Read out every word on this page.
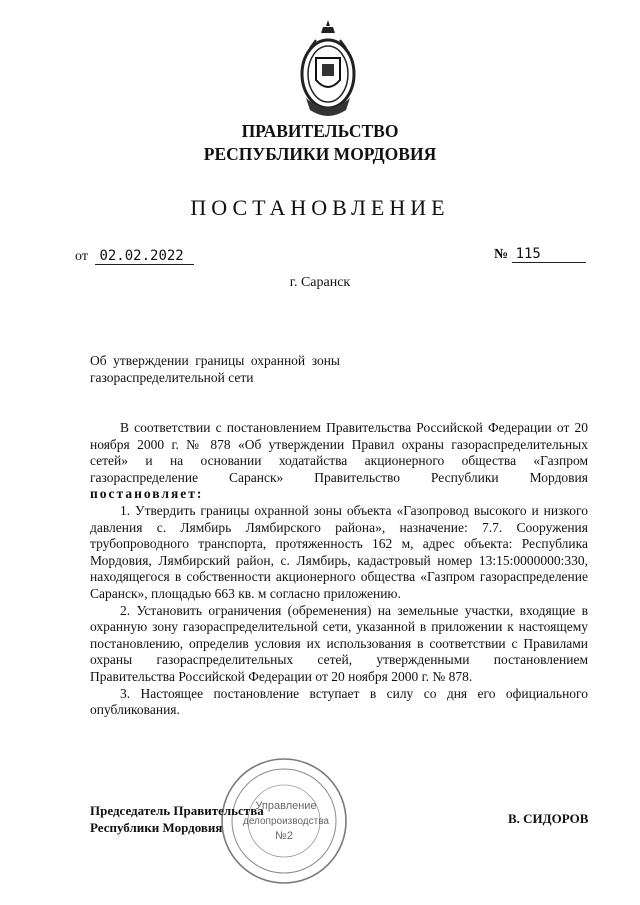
ПРАВИТЕЛЬСТВО
РЕСПУБЛИКИ МОРДОВИЯ
ПОСТАНОВЛЕНИЕ
от 02.02.2022	№ 115
г. Саранск
Об утверждении границы охранной зоны газораспределительной сети

В соответствии с постановлением Правительства Российской Федерации от 20 ноября 2000 г. № 878 «Об утверждении Правил охраны газораспределительных сетей» и на основании ходатайства акционерного общества «Газпром газораспределение Саранск» Правительство Республики Мордовия постановляет:

1. Утвердить границы охранной зоны объекта «Газопровод высокого и низкого давления с. Лямбирь Лямбирского района», назначение: 7.7. Сооружения трубопроводного транспорта, протяженность 162 м, адрес объекта: Республика Мордовия, Лямбирский район, с. Лямбирь, кадастровый номер 13:15:0000000:330, находящегося в собственности акционерного общества «Газпром газораспределение Саранск», площадью 663 кв. м согласно приложению.

2. Установить ограничения (обременения) на земельные участки, входящие в охранную зону газораспределительной сети, указанной в приложении к настоящему постановлению, определив условия их использования в соответствии с Правилами охраны газораспределительных сетей, утвержденными постановлением Правительства Российской Федерации от 20 ноября 2000 г. № 878.

3. Настоящее постановление вступает в силу со дня его официального опубликования.

Управление
делопроизводства
№2
Председатель Правительства
Республики Мордовия
В. СИДОРОВ
